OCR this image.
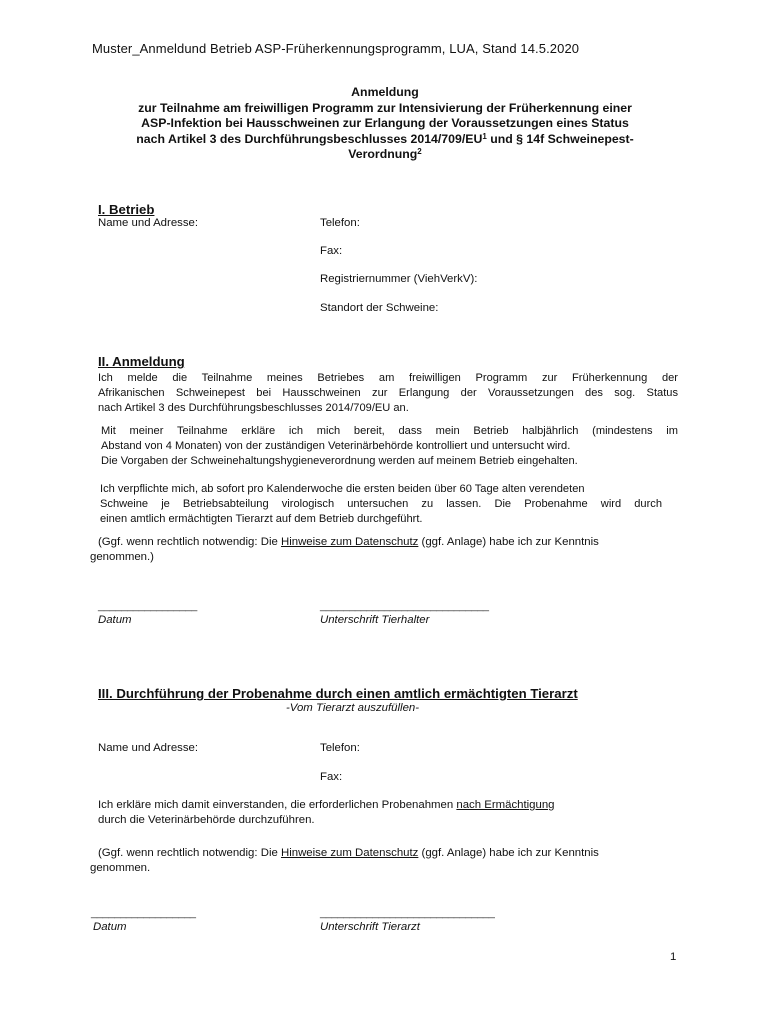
Muster_Anmeldund Betrieb ASP-Früherkennungsprogramm, LUA, Stand 14.5.2020
Anmeldung
zur Teilnahme am freiwilligen Programm zur Intensivierung der Früherkennung einer
ASP-Infektion bei Hausschweinen zur Erlangung der Voraussetzungen eines Status
nach Artikel 3 des Durchführungsbeschlusses $2014/709/EU^1$ und § 14f Schweinepest-
Verordnung$^2$
I. Betrieb
Name und Adresse:	Telefon:
Fax:
Registriernummer (ViehVerkV):
Standort der Schweine:
II. Anmeldung
Ich melde die Teilnahme meines Betriebes am freiwilligen Programm zur Früherkennung der
Afrikanischen Schweinepest bei Hausschweinen zur Erlangung der Voraussetzungen des sog. Status
nach Artikel 3 des Durchführungsbeschlusses 2014/709/EU an.
Mit meiner Teilnahme erkläre ich mich bereit, dass mein Betrieb halbjährlich (mindestens im
Abstand von 4 Monaten) von der zuständigen Veterinärbehörde kontrolliert und untersucht wird.
Die Vorgaben der Schweinehaltungshygieneverordnung werden auf meinem Betrieb eingehalten.
Ich verpflichte mich, ab sofort pro Kalenderwoche die ersten beiden über 60 Tage alten verendeten
Schweine je Betriebsabteilung virologisch untersuchen zu lassen. Die Probenahme wird durch
einen amtlich ermächtigten Tierarzt auf dem Betrieb durchgeführt.
(Ggf. wenn rechtlich notwendig: Die Hinweise zum Datenschutz (ggf. Anlage) habe ich zur Kenntnis
genommen.)
_________________
Datum
_____________________________
Unterschrift Tierhalter
III. Durchführung der Probenahme durch einen amtlich ermächtigten Tierarzt
-Vom Tierarzt auszufüllen-
Name und Adresse:	Telefon:
Fax:
Ich erkläre mich damit einverstanden, die erforderlichen Probenahmen nach Ermächtigung
durch die Veterinärbehörde durchzuführen.
(Ggf. wenn rechtlich notwendig: Die Hinweise zum Datenschutz (ggf. Anlage) habe ich zur Kenntnis
genommen.
__________________
Datum
______________________________
Unterschrift Tierarzt
1
